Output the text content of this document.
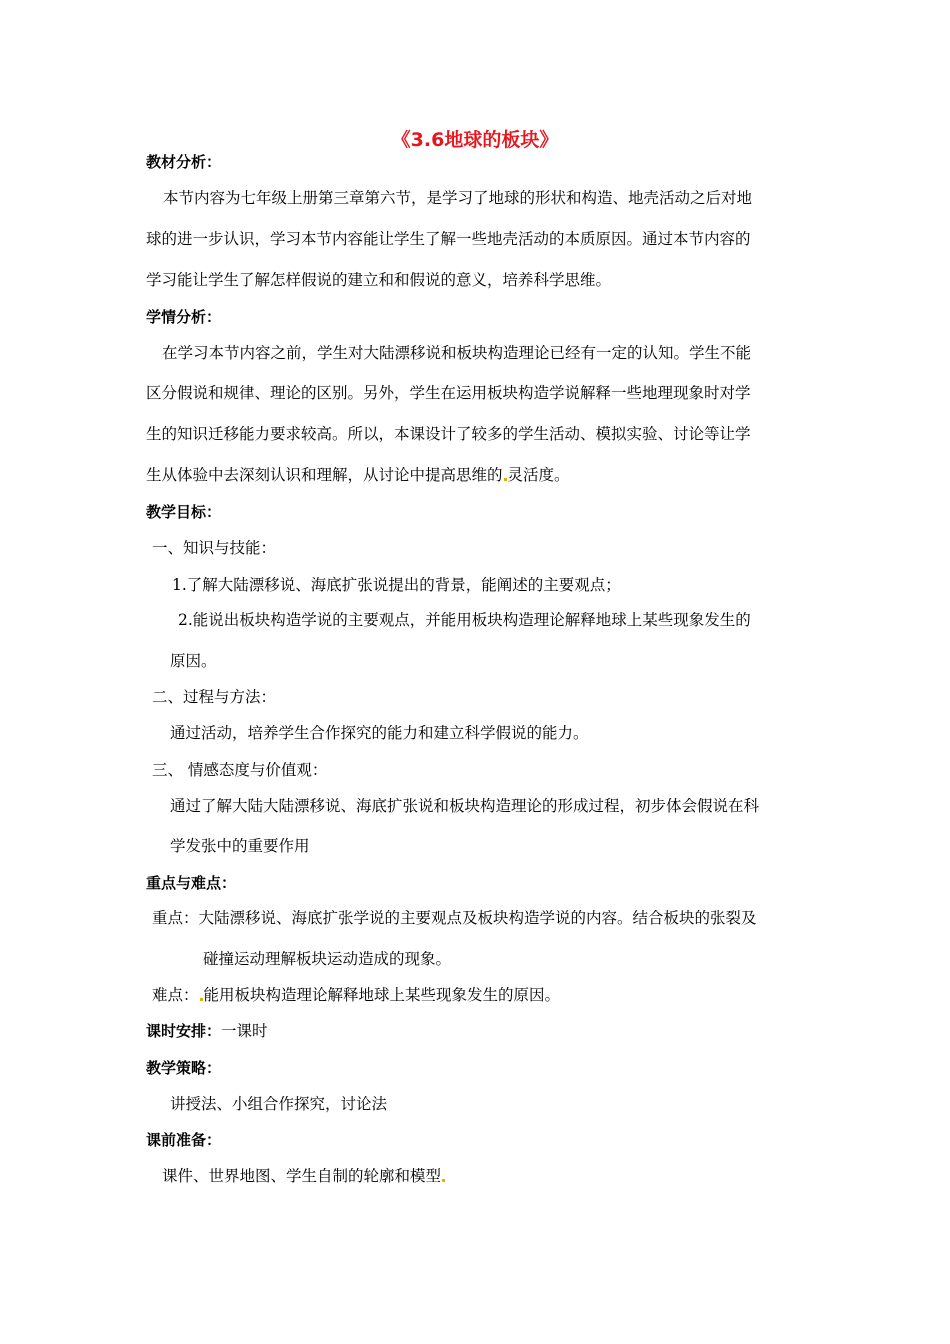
《3.6地球的板块》
教材分析：
本节内容为七年级上册第三章第六节，是学习了地球的形状和构造、地壳活动之后对地
球的进一步认识，学习本节内容能让学生了解一些地壳活动的本质原因。通过本节内容的
学习能让学生了解怎样假说的建立和和假说的意义，培养科学思维。
学情分析：
在学习本节内容之前，学生对大陆漂移说和板块构造理论已经有一定的认知。学生不能
区分假说和规律、理论的区别。另外，学生在运用板块构造学说解释一些地理现象时对学
生的知识迁移能力要求较高。所以，本课设计了较多的学生活动、模拟实验、讨论等让学
生从体验中去深刻认识和理解，从讨论中提高思维的 灵活度。
教学目标：
一、知识与技能：
1.了解大陆漂移说、海底扩张说提出的背景，能阐述的主要观点；
2.能说出板块构造学说的主要观点，并能用板块构造理论解释地球上某些现象发生的
原因。
二、过程与方法：
通过活动，培养学生合作探究的能力和建立科学假说的能力。
三、 情感态度与价值观：
通过了解大陆大陆漂移说、海底扩张说和板块构造理论的形成过程，初步体会假说在科
学发张中的重要作用
重点与难点：
重点：大陆漂移说、海底扩张学说的主要观点及板块构造学说的内容。结合板块的张裂及
碰撞运动理解板块运动造成的现象。
难点： 能用板块构造理论解释地球上某些现象发生的原因。
课时安排：一课时
教学策略：
讲授法、小组合作探究，讨论法
课前准备：
课件、世界地图、学生自制的轮廓和模型
